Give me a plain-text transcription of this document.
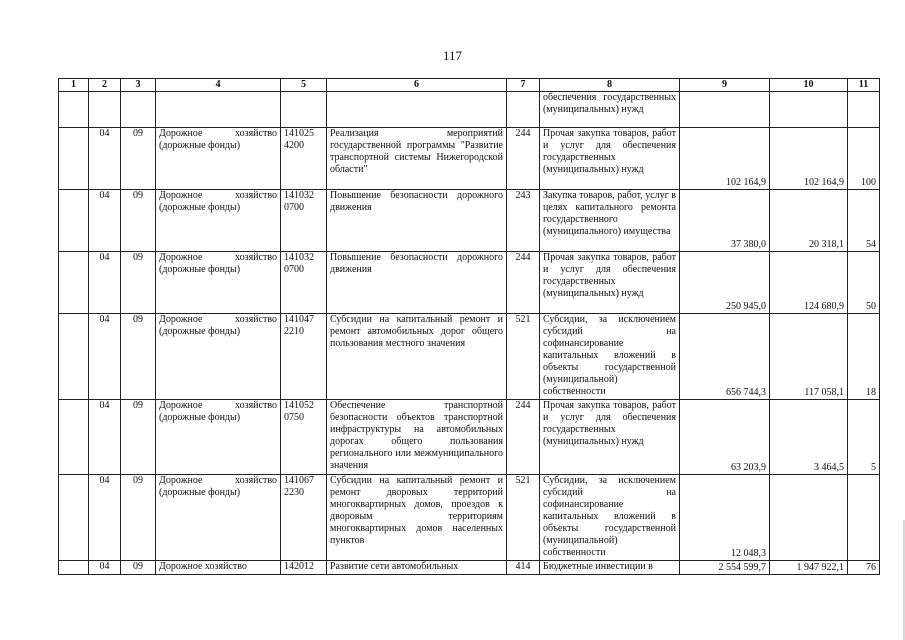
117
1	2	3	4	5	6	7	8	9	10	11
							обеспечения государственных (муниципальных) нужд			
	04	09	Дорожное хозяйство (дорожные фонды)	141025 4200	Реализация мероприятий государственной программы "Развитие транспортной системы Нижегородской области"	244	Прочая закупка товаров, работ и услуг для обеспечения государственных (муниципальных) нужд	102 164,9	102 164,9	100
	04	09	Дорожное хозяйство (дорожные фонды)	141032 0700	Повышение безопасности дорожного движения	243	Закупка товаров, работ, услуг в целях капитального ремонта государственного (муниципального) имущества	37 380,0	20 318,1	54
	04	09	Дорожное хозяйство (дорожные фонды)	141032 0700	Повышение безопасности дорожного движения	244	Прочая закупка товаров, работ и услуг для обеспечения государственных (муниципальных) нужд	250 945,0	124 680,9	50
	04	09	Дорожное хозяйство (дорожные фонды)	141047 2210	Субсидии на капитальный ремонт и ремонт автомобильных дорог общего пользования местного значения	521	Субсидии, за исключением субсидий на софинансирование капитальных вложений в объекты государственной (муниципальной) собственности	656 744,3	117 058,1	18
	04	09	Дорожное хозяйство (дорожные фонды)	141052 0750	Обеспечение транспортной безопасности объектов транспортной инфраструктуры на автомобильных дорогах общего пользования регионального или межмуниципального значения	244	Прочая закупка товаров, работ и услуг для обеспечения государственных (муниципальных) нужд	63 203,9	3 464,5	5
	04	09	Дорожное хозяйство (дорожные фонды)	141067 2230	Субсидии на капитальный ремонт и ремонт дворовых территорий многоквартирных домов, проездов к дворовым территориям многоквартирных домов населенных пунктов	521	Субсидии, за исключением субсидий на софинансирование капитальных вложений в объекты государственной (муниципальной) собственности	12 048,3		
	04	09	Дорожное хозяйство	142012	Развитие сети автомобильных	414	Бюджетные инвестиции в	2 554 599,7	1 947 922,1	76
